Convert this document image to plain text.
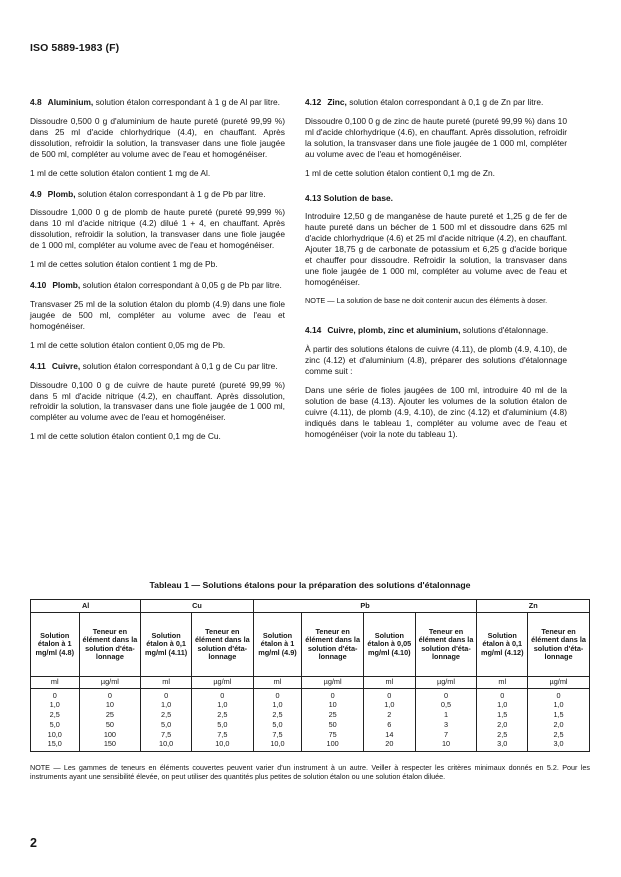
ISO 5889-1983 (F)

4.8 Aluminium, solution étalon correspondant à 1 g de Al par litre.

Dissoudre 0,500 0 g d'aluminium de haute pureté (pureté 99,99 %) dans 25 ml d'acide chlorhydrique (4.4), en chauffant. Après dissolution, refroidir la solution, la transvaser dans une fiole jaugée de 500 ml, compléter au volume avec de l'eau et homogénéiser.

1 ml de cette solution étalon contient 1 mg de Al.

4.9 Plomb, solution étalon correspondant à 1 g de Pb par litre.

Dissoudre 1,000 0 g de plomb de haute pureté (pureté 99,999 %) dans 10 ml d'acide nitrique (4.2) dilué 1 + 4, en chauffant. Après dissolution, refroidir la solution, la transvaser dans une fiole jaugée de 1 000 ml, compléter au volume avec de l'eau et homogénéiser.

1 ml de cettes solution étalon contient 1 mg de Pb.

4.10 Plomb, solution étalon correspondant à 0,05 g de Pb par litre.

Transvaser 25 ml de la solution étalon du plomb (4.9) dans une fiole jaugée de 500 ml, compléter au volume avec de l'eau et homogénéiser.

1 ml de cette solution étalon contient 0,05 mg de Pb.

4.11 Cuivre, solution étalon correspondant à 0,1 g de Cu par litre.

Dissoudre 0,100 0 g de cuivre de haute pureté (pureté 99,99 %) dans 5 ml d'acide nitrique (4.2), en chauffant. Après dissolution, refroidir la solution, la transvaser dans une fiole jaugée de 1 000 ml, compléter au volume avec de l'eau et homogénéiser.

1 ml de cette solution étalon contient 0,1 mg de Cu.

4.12 Zinc, solution étalon correspondant à 0,1 g de Zn par litre.

Dissoudre 0,100 0 g de zinc de haute pureté (pureté 99,99 %) dans 10 ml d'acide chlorhydrique (4.6), en chauffant. Après dissolution, refroidir la solution, la transvaser dans une fiole jaugée de 1 000 ml, compléter au volume avec de l'eau et homogénéiser.

1 ml de cette solution étalon contient 0,1 mg de Zn.

4.13 Solution de base.

Introduire 12,50 g de manganèse de haute pureté et 1,25 g de fer de haute pureté dans un bécher de 1 500 ml et dissoudre dans 625 ml d'acide chlorhydrique (4.6) et 25 ml d'acide nitrique (4.2), en chauffant. Ajouter 18,75 g de carbonate de potassium et 6,25 g d'acide borique et chauffer pour dissoudre. Refroidir la solution, la transvaser dans une fiole jaugée de 1 000 ml, compléter au volume avec de l'eau et homogénéiser.

NOTE — La solution de base ne doit contenir aucun des éléments à doser.

4.14 Cuivre, plomb, zinc et aluminium, solutions d'étalonnage.

À partir des solutions étalons de cuivre (4.11), de plomb (4.9, 4.10), de zinc (4.12) et d'aluminium (4.8), préparer des solutions d'étalonnage comme suit :

Dans une série de fioles jaugées de 100 ml, introduire 40 ml de la solution de base (4.13). Ajouter les volumes de la solution étalon de cuivre (4.11), de plomb (4.9, 4.10), de zinc (4.12) et d'aluminium (4.8) indiqués dans le tableau 1, compléter au volume avec de l'eau et homogénéiser (voir la note du tableau 1).

Tableau 1 — Solutions étalons pour la préparation des solutions d'étalonnage
Al		Cu		Pb				Zn	
Solution étalon à 1 mg/ml (4.8)	Teneur en élément dans la solution d'éta-lonnage	Solution étalon à 0,1 mg/ml (4.11)	Teneur en élément dans la solution d'éta-lonnage	Solution étalon à 1 mg/ml (4.9)	Teneur en élément dans la solution d'éta-lonnage	Solution étalon à 0,05 mg/ml (4.10)	Teneur en élément dans la solution d'éta-lonnage	Solution étalon à 0,1 mg/ml (4.12)	Teneur en élément dans la solution d'éta-lonnage
ml	µg/ml	ml	µg/ml	ml	µg/ml	ml	µg/ml	ml	µg/ml
0	0	0	0	0	0	0	0	0	0
1,0	10	1,0	1,0	1,0	10	1,0	0,5	1,0	1,0
2,5	25	2,5	2,5	2,5	25	2	1	1,5	1,5
5,0	50	5,0	5,0	5,0	50	6	3	2,0	2,0
10,0	100	7,5	7,5	7,5	75	14	7	2,5	2,5
15,0	150	10,0	10,0	10,0	100	20	10	3,0	3,0

NOTE — Les gammes de teneurs en éléments couvertes peuvent varier d'un instrument à un autre. Veiller à respecter les critères minimaux donnés en 5.2. Pour les instruments ayant une sensibilité élevée, on peut utiliser des quantités plus petites de solution étalon ou une solution étalon diluée.

2
